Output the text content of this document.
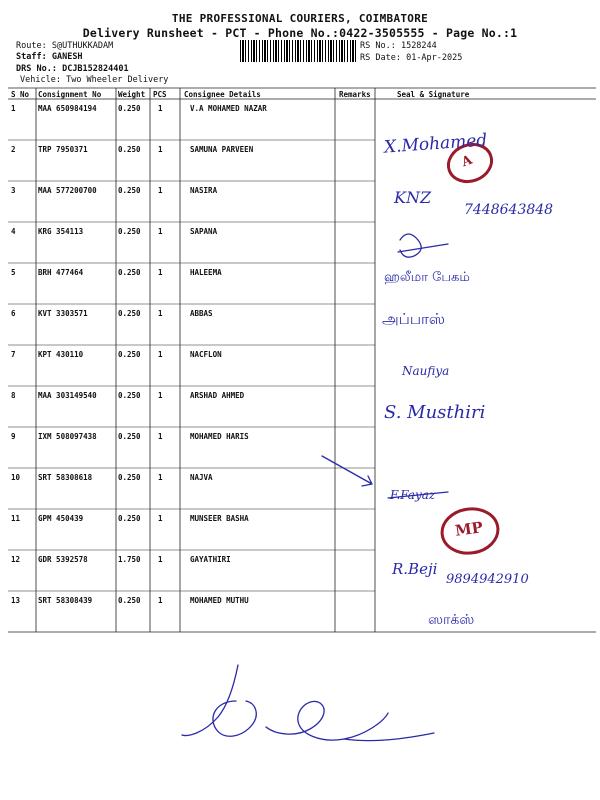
THE PROFESSIONAL COURIERS, COIMBATORE
Delivery Runsheet - PCT - Phone No.:0422-3505555 - Page No.:1
Route: S@UTHUKKADAM
Staff: GANESH
DRS No.: DCJB152824401
Vehicle: Two Wheeler Delivery
RS No.: 1528244
RS Date: 01-Apr-2025
S No Consignment No Weight PCS Consignee Details	Remarks	Seal & Signature
1	MAA 650984194	0.250 1	V.A MOHAMED NAZAR
2	TRP 7950371	0.250 1	SAMUNA PARVEEN
3	MAA 577200700	0.250 1	NASIRA
4	KRG 354113	0.250 1	SAPANA
5	BRH 477464	0.250 1	HALEEMA
6	KVT 3303571	0.250 1	ABBAS
7	KPT 430110	0.250 1	NACFLON
8	MAA 303149540	0.250 1	ARSHAD AHMED
9	IXM 508097438	0.250 1	MOHAMED HARIS
10 SRT 58308618	0.250 1	NAJVA
11 GPM 450439	0.250 1	MUNSEER BASHA
12 GDR 5392578	1.750 1	GAYATHIRI
13 SRT 58308439	0.250 1	MOHAMED MUTHU
X.Mohamed
A
KNZ
7448643848
ஹலீமா பேகம்
அப்பாஸ்
Naufiya
S. Musthiri
F.Fayaz
MP
R.Beji
9894942910
ஸாக்ஸ்
